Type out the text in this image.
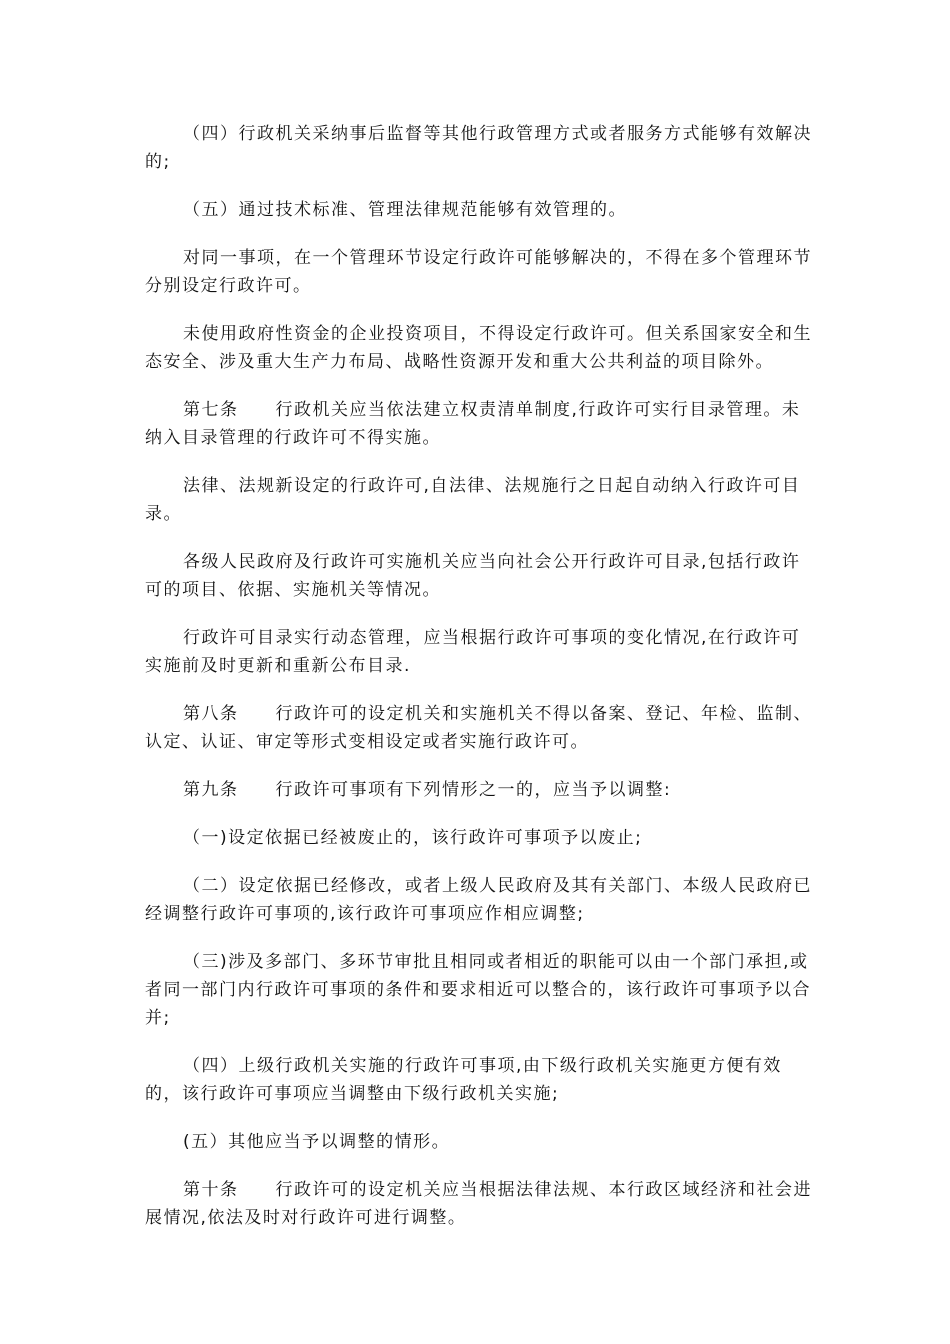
（四）行政机关采纳事后监督等其他行政管理方式或者服务方式能够有效解决的;

（五）通过技术标准、管理法律规范能够有效管理的。

对同一事项，在一个管理环节设定行政许可能够解决的，不得在多个管理环节分别设定行政许可。

未使用政府性资金的企业投资项目，不得设定行政许可。但关系国家安全和生态安全、涉及重大生产力布局、战略性资源开发和重大公共利益的项目除外。

第七条　　行政机关应当依法建立权责清单制度,行政许可实行目录管理。未纳入目录管理的行政许可不得实施。

法律、法规新设定的行政许可,自法律、法规施行之日起自动纳入行政许可目录。

各级人民政府及行政许可实施机关应当向社会公开行政许可目录,包括行政许可的项目、依据、实施机关等情况。

行政许可目录实行动态管理，应当根据行政许可事项的变化情况,在行政许可实施前及时更新和重新公布目录.

第八条　　行政许可的设定机关和实施机关不得以备案、登记、年检、监制、认定、认证、审定等形式变相设定或者实施行政许可。

第九条　　行政许可事项有下列情形之一的，应当予以调整:

（一)设定依据已经被废止的，该行政许可事项予以废止;

（二）设定依据已经修改，或者上级人民政府及其有关部门、本级人民政府已经调整行政许可事项的,该行政许可事项应作相应调整;

（三)涉及多部门、多环节审批且相同或者相近的职能可以由一个部门承担,或者同一部门内行政许可事项的条件和要求相近可以整合的，该行政许可事项予以合并;

（四）上级行政机关实施的行政许可事项,由下级行政机关实施更方便有效的，该行政许可事项应当调整由下级行政机关实施;

(五）其他应当予以调整的情形。

第十条　　行政许可的设定机关应当根据法律法规、本行政区域经济和社会进展情况,依法及时对行政许可进行调整。
